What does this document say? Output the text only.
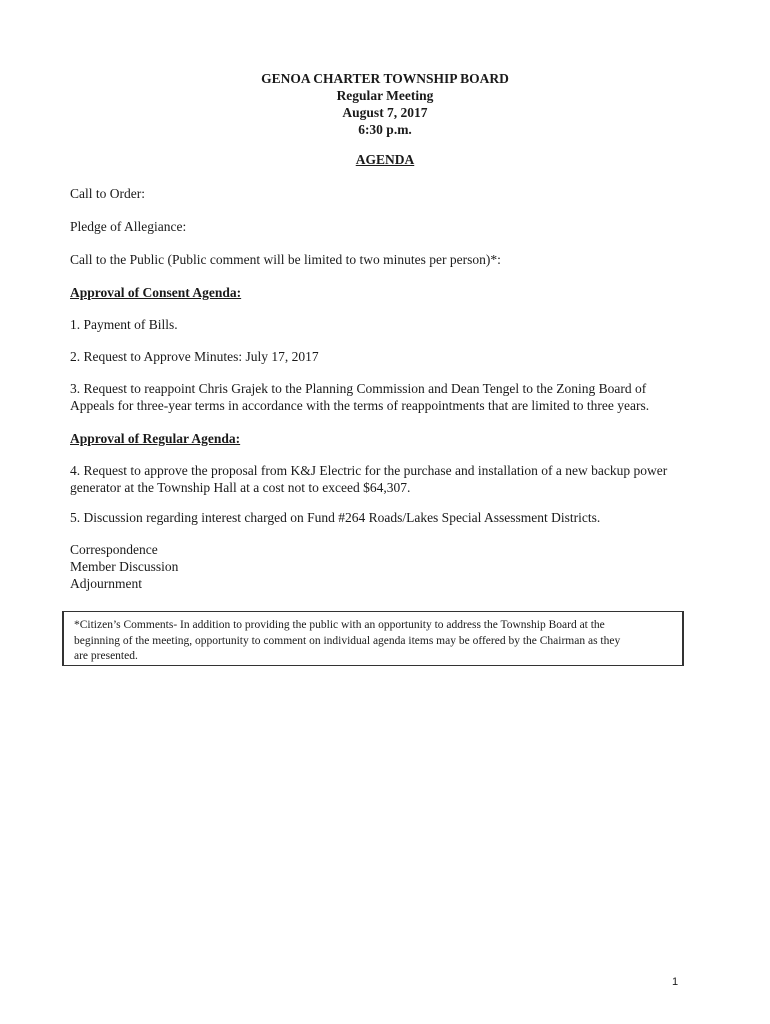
GENOA CHARTER TOWNSHIP BOARD
Regular Meeting
August 7, 2017
6:30 p.m.
AGENDA
Call to Order:
Pledge of Allegiance:
Call to the Public (Public comment will be limited to two minutes per person)*:
Approval of Consent Agenda:
1. Payment of Bills.
2. Request to Approve Minutes: July 17, 2017
3. Request to reappoint Chris Grajek to the Planning Commission and Dean Tengel to the Zoning Board of
Appeals for three-year terms in accordance with the terms of reappointments that are limited to three years.
Approval of Regular Agenda:
4. Request to approve the proposal from K&J Electric for the purchase and installation of a new backup power
generator at the Township Hall at a cost not to exceed $64,307.
5. Discussion regarding interest charged on Fund #264 Roads/Lakes Special Assessment Districts.
Correspondence
Member Discussion
Adjournment
*Citizen’s Comments- In addition to providing the public with an opportunity to address the Township Board at the
beginning of the meeting, opportunity to comment on individual agenda items may be offered by the Chairman as they
are presented.
1
